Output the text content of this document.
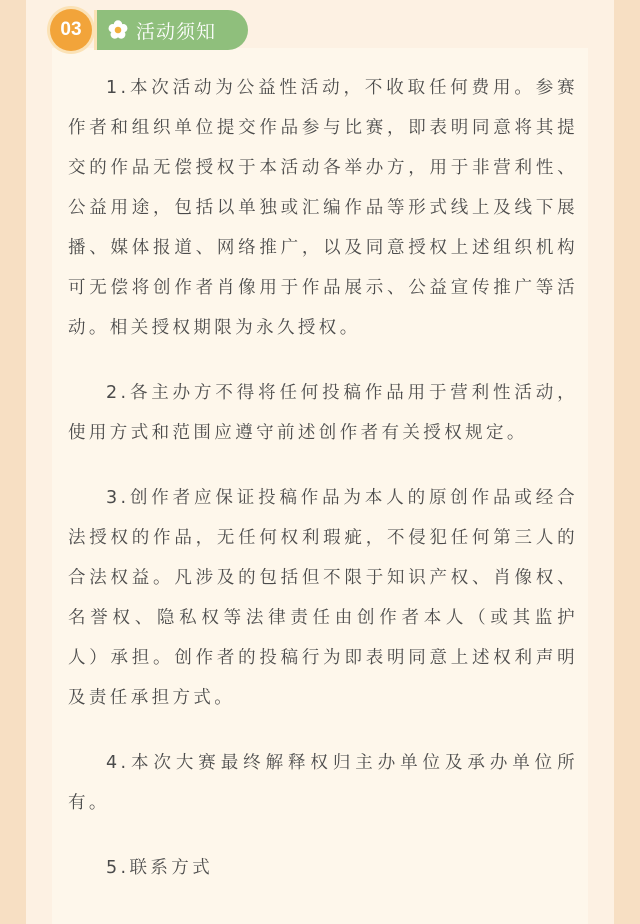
03	活动须知

1.本次活动为公益性活动，不收取任何费用。参赛作者和组织单位提交作品参与比赛，即表明同意将其提交的作品无偿授权于本活动各举办方，用于非营利性、公益用途，包括以单独或汇编作品等形式线上及线下展播、媒体报道、网络推广，以及同意授权上述组织机构可无偿将创作者肖像用于作品展示、公益宣传推广等活动。相关授权期限为永久授权。

2.各主办方不得将任何投稿作品用于营利性活动，使用方式和范围应遵守前述创作者有关授权规定。

3.创作者应保证投稿作品为本人的原创作品或经合法授权的作品，无任何权利瑕疵，不侵犯任何第三人的合法权益。凡涉及的包括但不限于知识产权、肖像权、名誉权、隐私权等法律责任由创作者本人（或其监护人）承担。创作者的投稿行为即表明同意上述权利声明及责任承担方式。

4.本次大赛最终解释权归主办单位及承办单位所有。

5.联系方式
